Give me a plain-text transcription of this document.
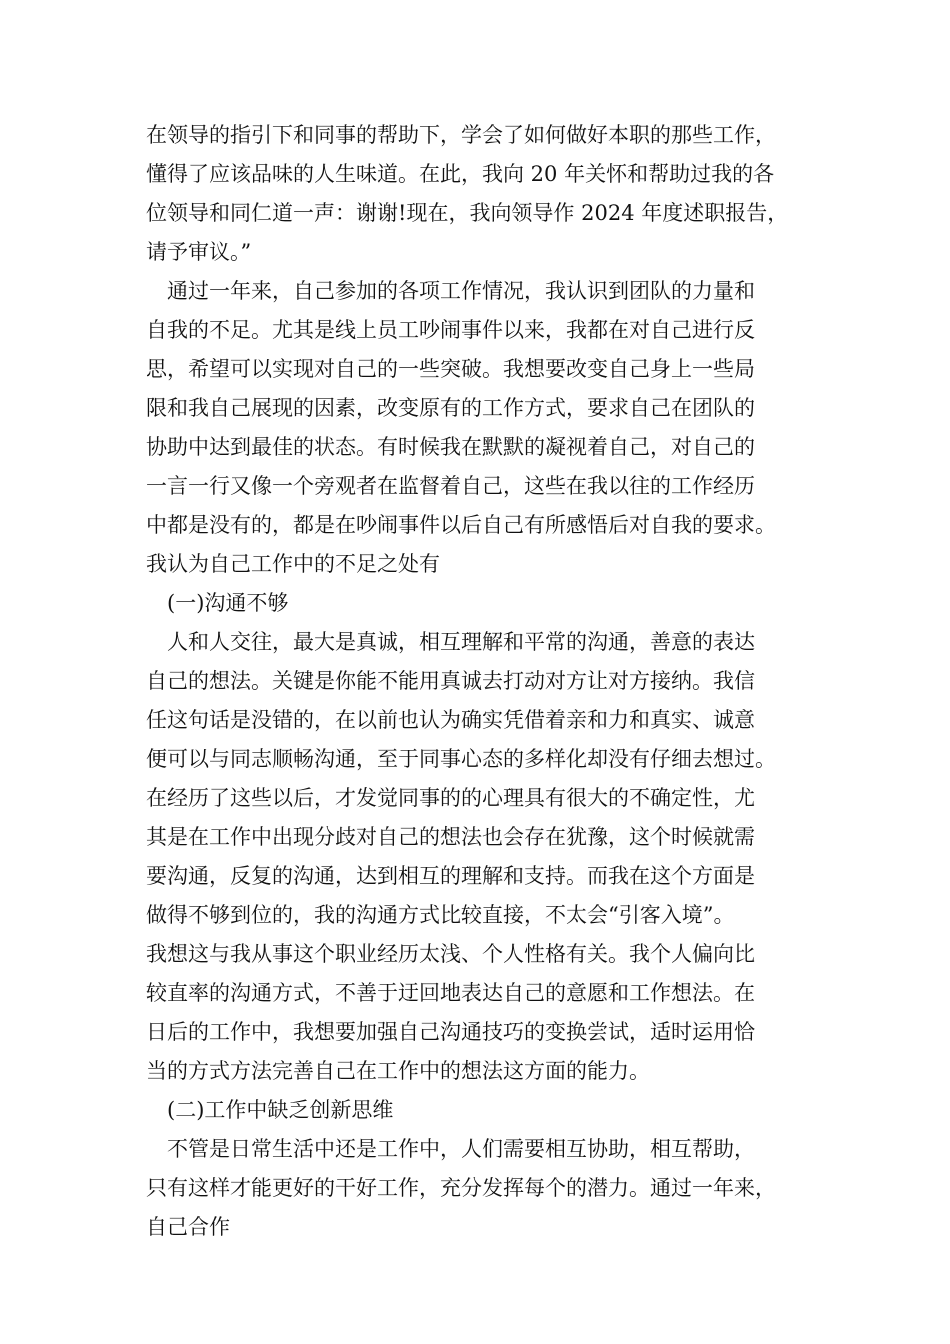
在领导的指引下和同事的帮助下，学会了如何做好本职的那些工作，
懂得了应该品味的人生味道。在此，我向 20 年关怀和帮助过我的各
位领导和同仁道一声：谢谢!现在，我向领导作 2024 年度述职报告，
请予审议。”
通过一年来，自己参加的各项工作情况，我认识到团队的力量和
自我的不足。尤其是线上员工吵闹事件以来，我都在对自己进行反
思，希望可以实现对自己的一些突破。我想要改变自己身上一些局
限和我自己展现的因素，改变原有的工作方式，要求自己在团队的
协助中达到最佳的状态。有时候我在默默的凝视着自己，对自己的
一言一行又像一个旁观者在监督着自己，这些在我以往的工作经历
中都是没有的，都是在吵闹事件以后自己有所感悟后对自我的要求。
我认为自己工作中的不足之处有
(一)沟通不够
人和人交往，最大是真诚，相互理解和平常的沟通，善意的表达
自己的想法。关键是你能不能用真诚去打动对方让对方接纳。我信
任这句话是没错的，在以前也认为确实凭借着亲和力和真实、诚意
便可以与同志顺畅沟通，至于同事心态的多样化却没有仔细去想过。
在经历了这些以后，才发觉同事的的心理具有很大的不确定性，尤
其是在工作中出现分歧对自己的想法也会存在犹豫，这个时候就需
要沟通，反复的沟通，达到相互的理解和支持。而我在这个方面是
做得不够到位的，我的沟通方式比较直接，不太会“引客入境”。
我想这与我从事这个职业经历太浅、个人性格有关。我个人偏向比
较直率的沟通方式，不善于迂回地表达自己的意愿和工作想法。在
日后的工作中，我想要加强自己沟通技巧的变换尝试，适时运用恰
当的方式方法完善自己在工作中的想法这方面的能力。
(二)工作中缺乏创新思维
不管是日常生活中还是工作中，人们需要相互协助，相互帮助，
只有这样才能更好的干好工作，充分发挥每个的潜力。通过一年来，
自己合作
